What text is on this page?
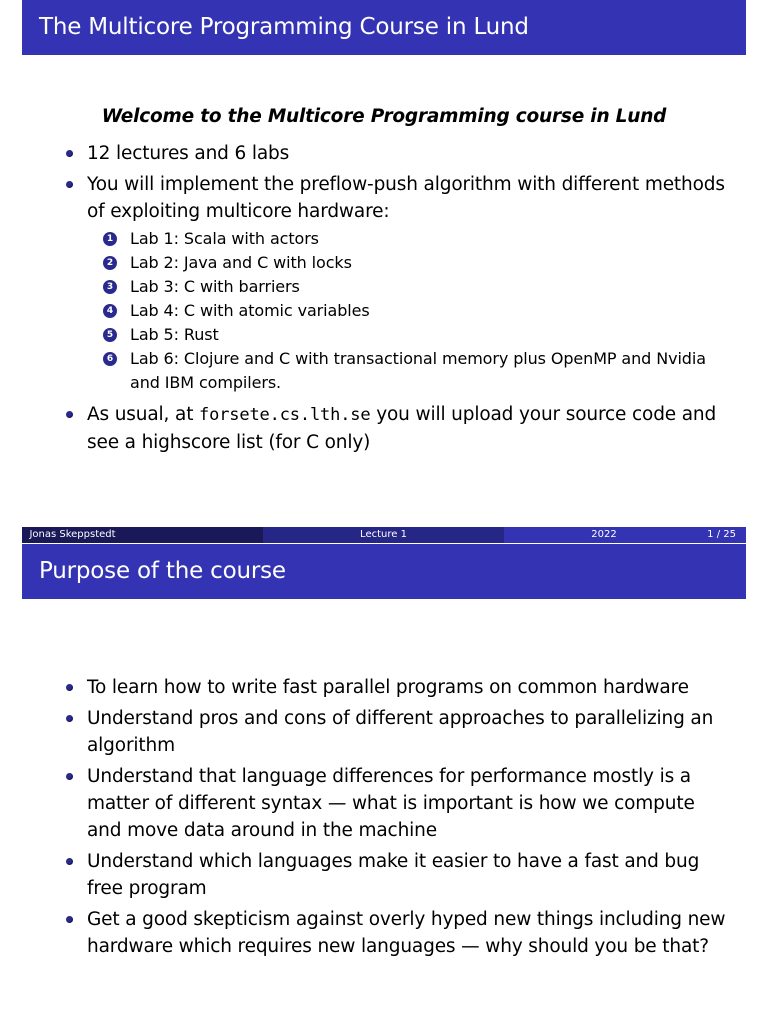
The Multicore Programming Course in Lund
Welcome to the Multicore Programming course in Lund
12 lectures and 6 labs
You will implement the preflow-push algorithm with different methods of exploiting multicore hardware:
1 Lab 1: Scala with actors
2 Lab 2: Java and C with locks
3 Lab 3: C with barriers
4 Lab 4: C with atomic variables
5 Lab 5: Rust
6 Lab 6: Clojure and C with transactional memory plus OpenMP and Nvidia and IBM compilers.
As usual, at forsete.cs.lth.se you will upload your source code and see a highscore list (for C only)
Jonas Skeppstedt	Lecture 1	2022	1 / 25
Purpose of the course
To learn how to write fast parallel programs on common hardware
Understand pros and cons of different approaches to parallelizing an algorithm
Understand that language differences for performance mostly is a matter of different syntax — what is important is how we compute and move data around in the machine
Understand which languages make it easier to have a fast and bug free program
Get a good skepticism against overly hyped new things including new hardware which requires new languages — why should you be that?
